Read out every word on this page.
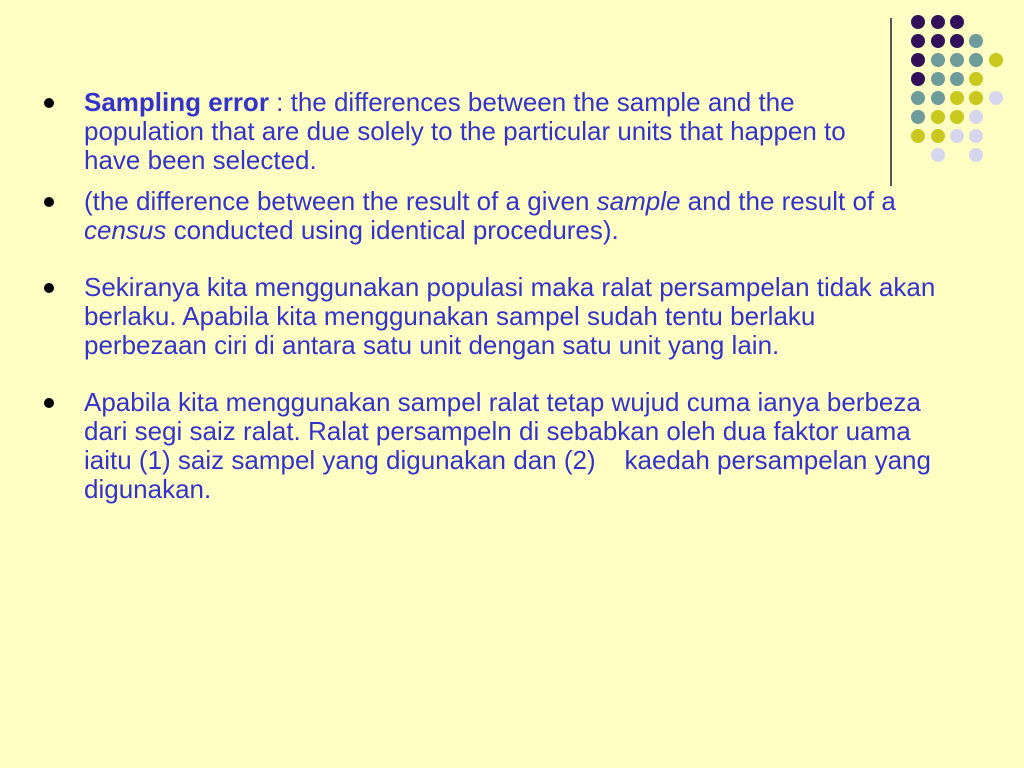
Sampling error : the differences between the sample and the population that are due solely to the particular units that happen to have been selected.

(the difference between the result of a given sample and the result of a census conducted using identical procedures).

Sekiranya kita menggunakan populasi maka ralat persampelan tidak akan berlaku. Apabila kita menggunakan sampel sudah tentu berlaku perbezaan ciri di antara satu unit dengan satu unit yang lain.

Apabila kita menggunakan sampel ralat tetap wujud cuma ianya berbeza dari segi saiz ralat. Ralat persampeln di sebabkan oleh dua faktor uama iaitu (1) saiz sampel yang digunakan dan (2)    kaedah persampelan yang digunakan.
